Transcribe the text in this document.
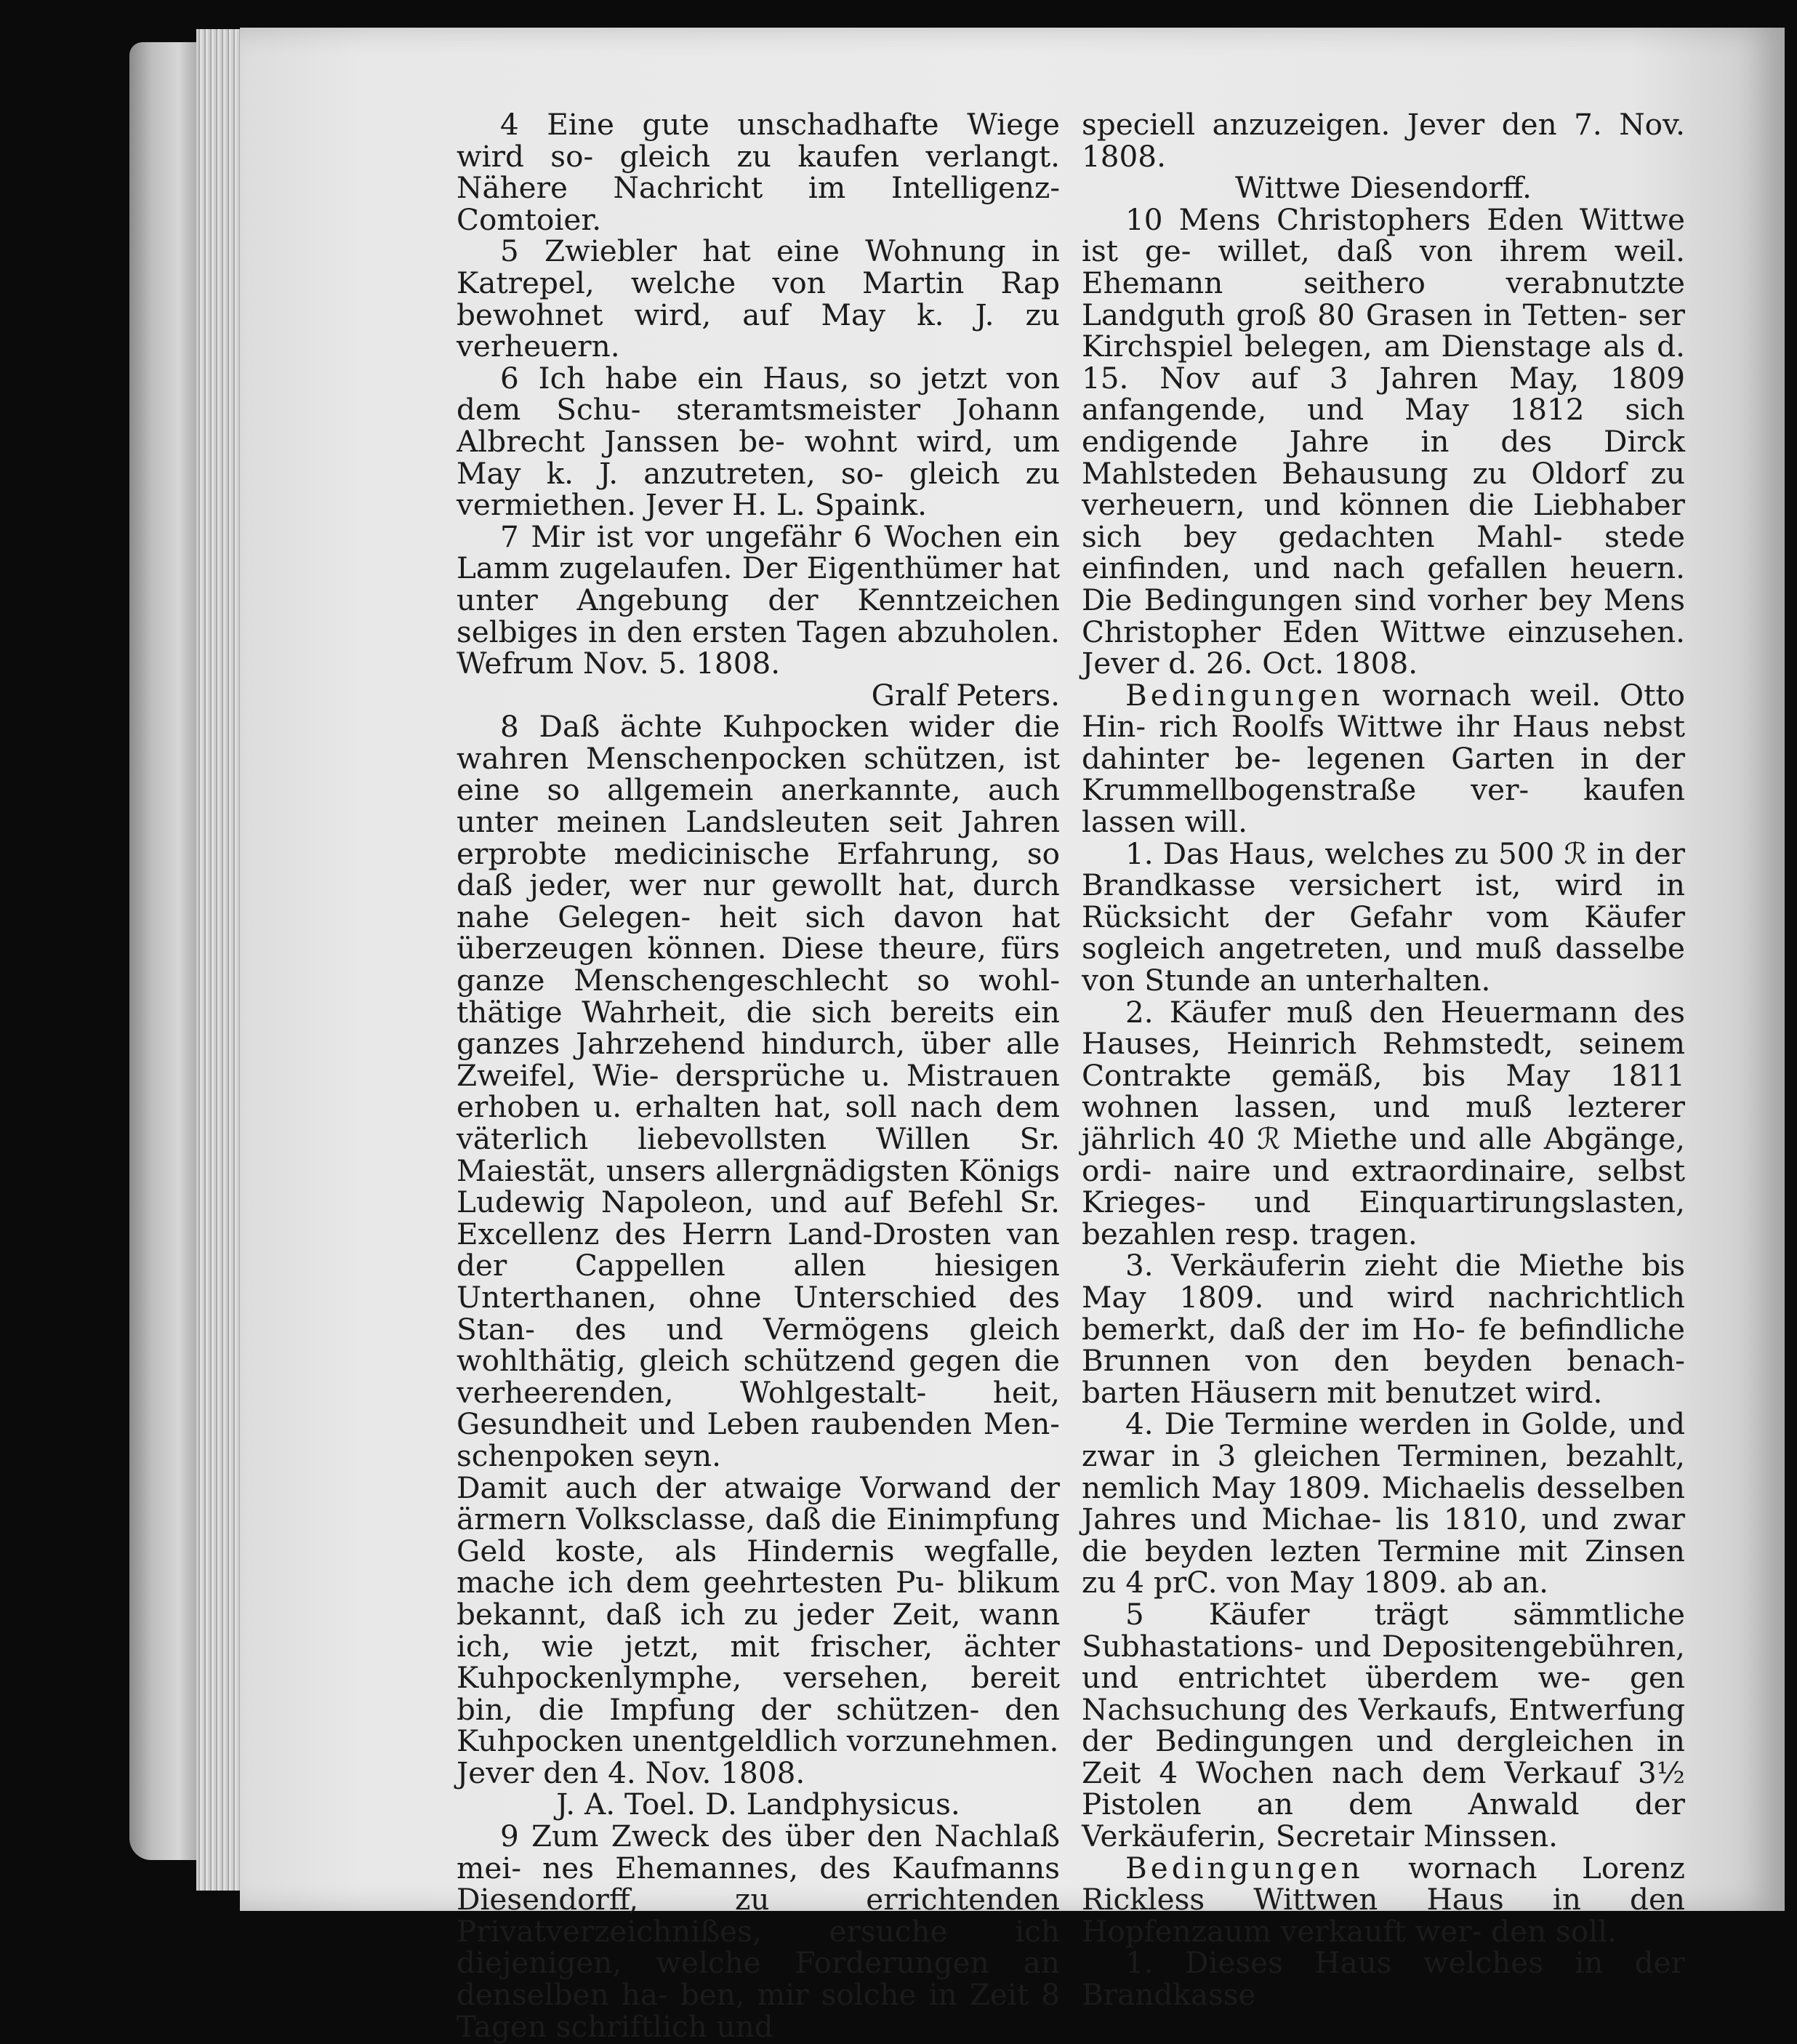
4 Eine gute unschadhafte Wiege wird so- gleich zu kaufen verlangt. Nähere Nachricht im Intelligenz-Comtoier.

5 Zwiebler hat eine Wohnung in Katrepel, welche von Martin Rap bewohnet wird, auf May k. J. zu verheuern.

6 Ich habe ein Haus, so jetzt von dem Schu- steramtsmeister Johann Albrecht Janssen be- wohnt wird, um May k. J. anzutreten, so- gleich zu vermiethen. Jever H. L. Spaink.

7 Mir ist vor ungefähr 6 Wochen ein Lamm zugelaufen. Der Eigenthümer hat unter Angebung der Kenntzeichen selbiges in den ersten Tagen abzuholen. Wefrum Nov. 5. 1808.

Gralf Peters.

8 Daß ächte Kuhpocken wider die wahren Menschenpocken schützen, ist eine so allgemein anerkannte, auch unter meinen Landsleuten seit Jahren erprobte medicinische Erfahrung, so daß jeder, wer nur gewollt hat, durch nahe Gelegen- heit sich davon hat überzeugen können. Diese theure, fürs ganze Menschengeschlecht so wohl- thätige Wahrheit, die sich bereits ein ganzes Jahrzehend hindurch, über alle Zweifel, Wie- dersprüche u. Mistrauen erhoben u. erhalten hat, soll nach dem väterlich liebevollsten Willen Sr. Maiestät, unsers allergnädigsten Königs Ludewig Napoleon, und auf Befehl Sr. Excellenz des Herrn Land-Drosten van der Cappellen allen hiesigen Unterthanen, ohne Unterschied des Stan- des und Vermögens gleich wohlthätig, gleich schützend gegen die verheerenden, Wohlgestalt- heit, Gesundheit und Leben raubenden Men- schenpoken seyn.

Damit auch der atwaige Vorwand der ärmern Volksclasse, daß die Einimpfung Geld koste, als Hindernis wegfalle, mache ich dem geehrtesten Pu- blikum bekannt, daß ich zu jeder Zeit, wann ich, wie jetzt, mit frischer, ächter Kuhpockenlymphe, versehen, bereit bin, die Impfung der schützen- den Kuhpocken unentgeldlich vorzunehmen.

Jever den 4. Nov. 1808.

J. A. Toel. D. Landphysicus.

9 Zum Zweck des über den Nachlaß mei- nes Ehemannes, des Kaufmanns Diesendorff, zu errichtenden Privatverzeichnißes, ersuche ich diejenigen, welche Forderungen an denselben ha- ben, mir solche in Zeit 8 Tagen schriftlich und

speciell anzuzeigen. Jever den 7. Nov. 1808.

Wittwe Diesendorff.

10 Mens Christophers Eden Wittwe ist ge- willet, daß von ihrem weil. Ehemann seithero verabnutzte Landguth groß 80 Grasen in Tetten- ser Kirchspiel belegen, am Dienstage als d. 15. Nov auf 3 Jahren May, 1809 anfangende, und May 1812 sich endigende Jahre in des Dirck Mahlsteden Behausung zu Oldorf zu verheuern, und können die Liebhaber sich bey gedachten Mahl- stede einfinden, und nach gefallen heuern. Die Bedingungen sind vorher bey Mens Christopher Eden Wittwe einzusehen. Jever d. 26. Oct. 1808.

Bedingungen wornach weil. Otto Hin- rich Roolfs Wittwe ihr Haus nebst dahinter be- legenen Garten in der Krummellbogenstraße ver- kaufen lassen will.

1. Das Haus, welches zu 500 ℛ in der Brandkasse versichert ist, wird in Rücksicht der Gefahr vom Käufer sogleich angetreten, und muß dasselbe von Stunde an unterhalten.

2. Käufer muß den Heuermann des Hauses, Heinrich Rehmstedt, seinem Contrakte gemäß, bis May 1811 wohnen lassen, und muß lezterer jährlich 40 ℛ Miethe und alle Abgänge, ordi- naire und extraordinaire, selbst Krieges- und Einquartirungslasten, bezahlen resp. tragen.

3. Verkäuferin zieht die Miethe bis May 1809. und wird nachrichtlich bemerkt, daß der im Ho- fe befindliche Brunnen von den beyden benach- barten Häusern mit benutzet wird.

4. Die Termine werden in Golde, und zwar in 3 gleichen Terminen, bezahlt, nemlich May 1809. Michaelis desselben Jahres und Michae- lis 1810, und zwar die beyden lezten Termine mit Zinsen zu 4 prC. von May 1809. ab an.

5 Käufer trägt sämmtliche Subhastations- und Depositengebühren, und entrichtet überdem we- gen Nachsuchung des Verkaufs, Entwerfung der Bedingungen und dergleichen in Zeit 4 Wochen nach dem Verkauf 3½ Pistolen an dem Anwald der Verkäuferin, Secretair Minssen.

Bedingungen wornach Lorenz Rickless Wittwen Haus in den Hopfenzaum verkauft wer- den soll.

1. Dieses Haus welches in der Brandkasse
